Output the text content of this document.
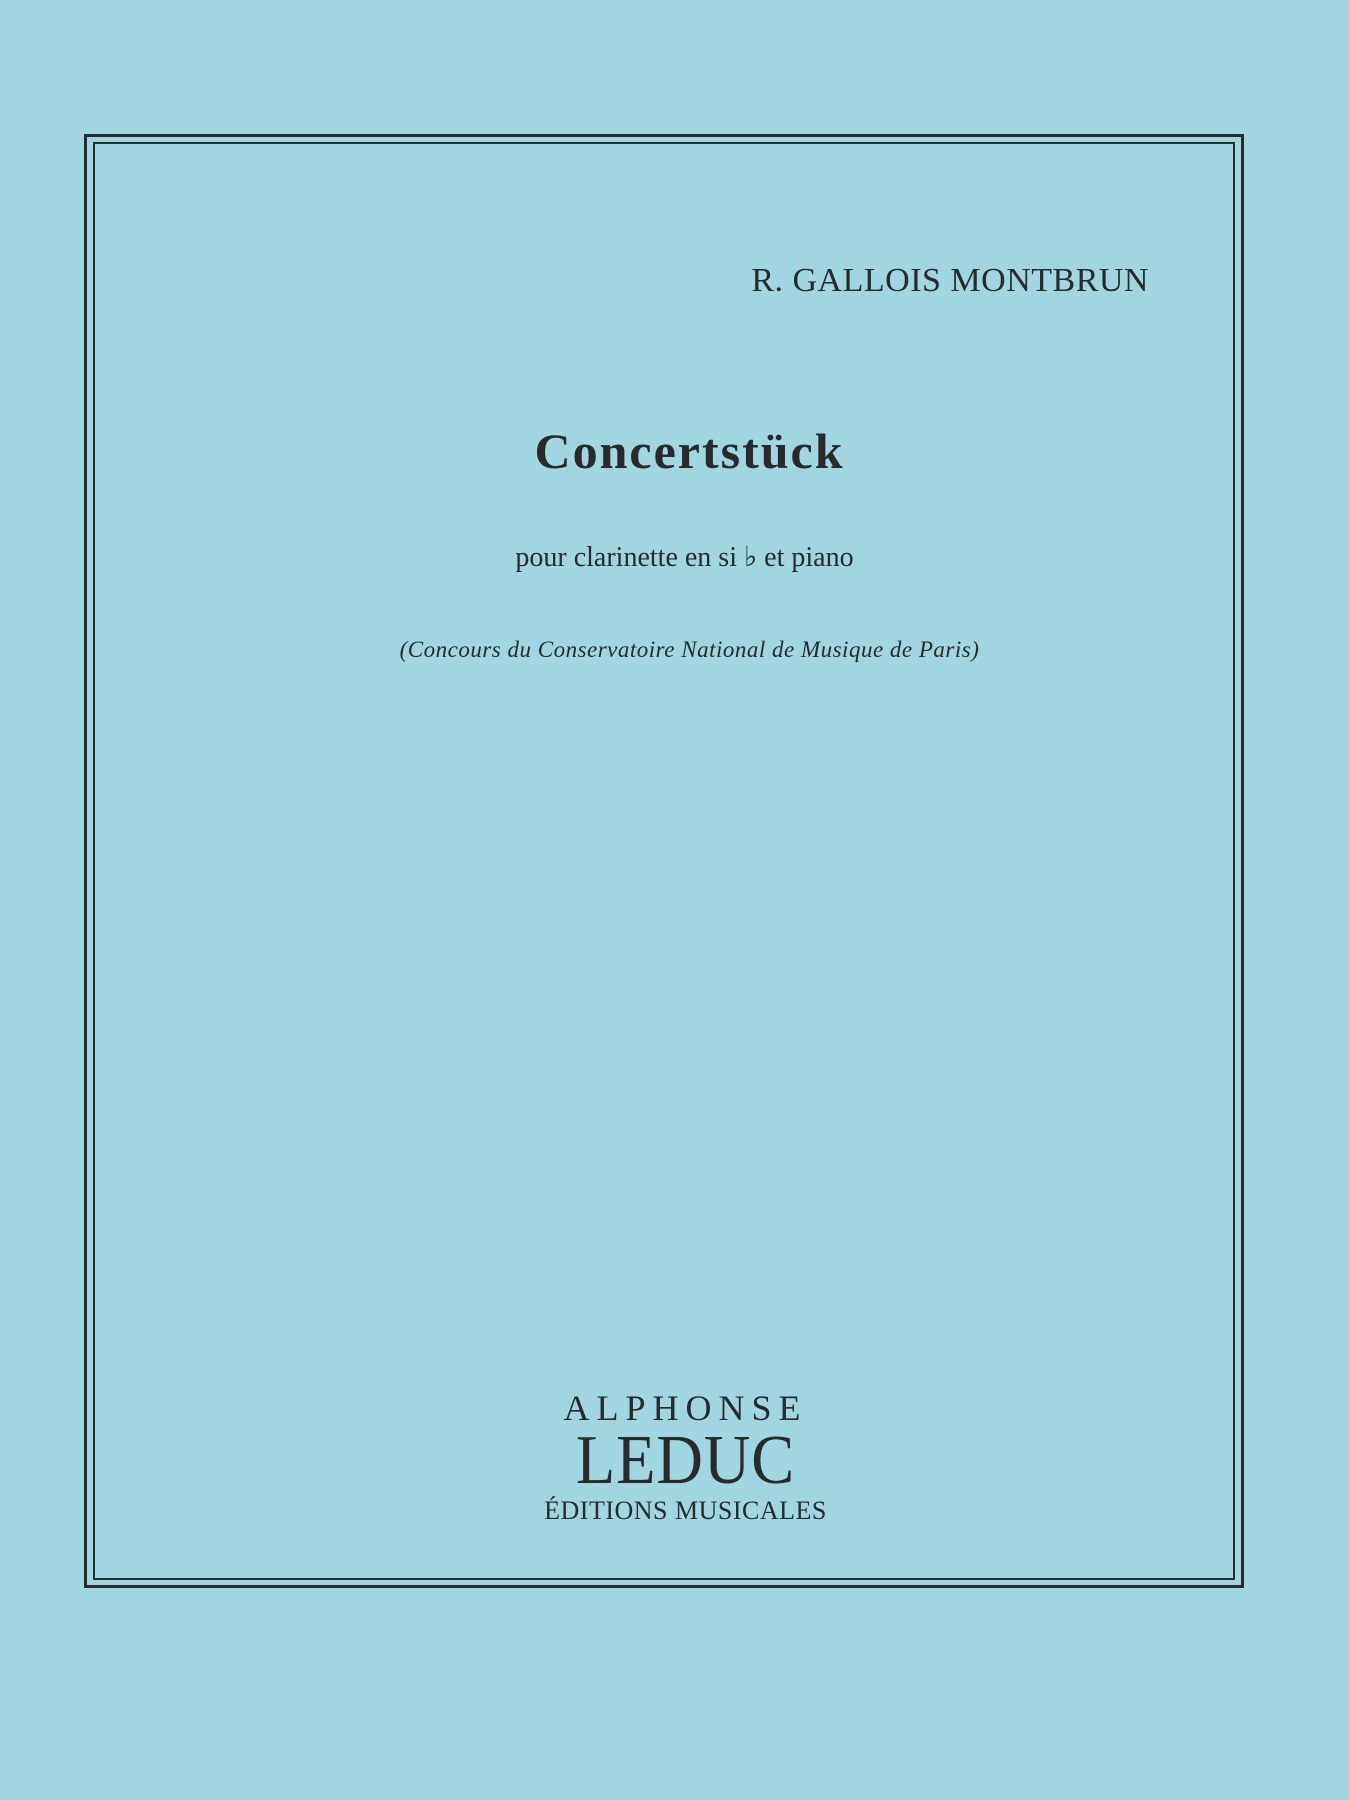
R. GALLOIS MONTBRUN
Concertstück
pour clarinette en si ♭ et piano
(Concours du Conservatoire National de Musique de Paris)
ALPHONSE
LEDUC
ÉDITIONS MUSICALES
